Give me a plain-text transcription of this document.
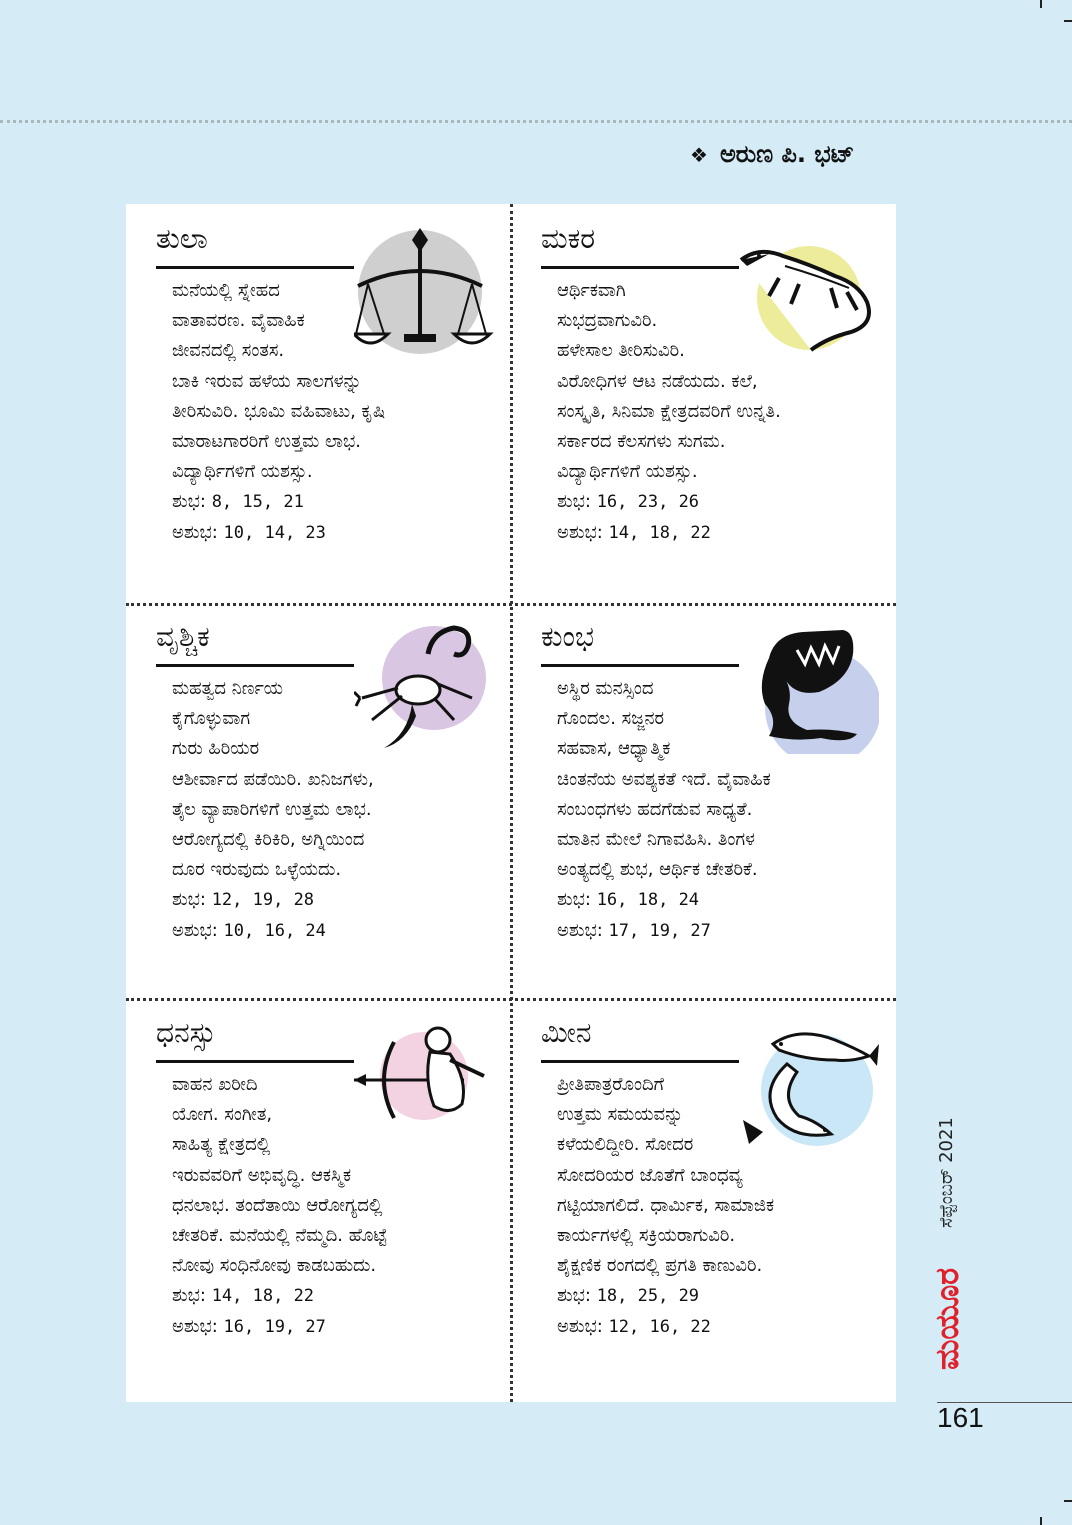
❖ ಅರುಣ ಪಿ. ಭಟ್
ತುಲಾ

ಮನೆಯಲ್ಲಿ ಸ್ನೇಹದ

ವಾತಾವರಣ. ವೈವಾಹಿಕ

ಜೀವನದಲ್ಲಿ ಸಂತಸ.

ಬಾಕಿ ಇರುವ ಹಳೆಯ ಸಾಲಗಳನ್ನು

ತೀರಿಸುವಿರಿ. ಭೂಮಿ ವಹಿವಾಟು, ಕೃಷಿ

ಮಾರಾಟಗಾರರಿಗೆ ಉತ್ತಮ ಲಾಭ.

ವಿದ್ಯಾರ್ಥಿಗಳಿಗೆ ಯಶಸ್ಸು.

ಶುಭ: 8, 15, 21

ಅಶುಭ: 10, 14, 23

ಮಕರ

ಆರ್ಥಿಕವಾಗಿ

ಸುಭದ್ರವಾಗುವಿರಿ.

ಹಳೇಸಾಲ ತೀರಿಸುವಿರಿ.

ವಿರೋಧಿಗಳ ಆಟ ನಡೆಯದು. ಕಲೆ,

ಸಂಸ್ಕೃತಿ, ಸಿನಿಮಾ ಕ್ಷೇತ್ರದವರಿಗೆ ಉನ್ನತಿ.

ಸರ್ಕಾರದ ಕೆಲಸಗಳು ಸುಗಮ.

ವಿದ್ಯಾರ್ಥಿಗಳಿಗೆ ಯಶಸ್ಸು.

ಶುಭ: 16, 23, 26

ಅಶುಭ: 14, 18, 22

ವೃಶ್ಚಿಕ

ಮಹತ್ವದ ನಿರ್ಣಯ

ಕೈಗೊಳ್ಳುವಾಗ

ಗುರು ಹಿರಿಯರ

ಆಶೀರ್ವಾದ ಪಡೆಯಿರಿ. ಖನಿಜಗಳು,

ತೈಲ ವ್ಯಾಪಾರಿಗಳಿಗೆ ಉತ್ತಮ ಲಾಭ.

ಆರೋಗ್ಯದಲ್ಲಿ ಕಿರಿಕಿರಿ, ಅಗ್ನಿಯಿಂದ

ದೂರ ಇರುವುದು ಒಳ್ಳೆಯದು.

ಶುಭ: 12, 19, 28

ಅಶುಭ: 10, 16, 24

ಕುಂಭ

ಅಸ್ಥಿರ ಮನಸ್ಸಿಂದ

ಗೊಂದಲ. ಸಜ್ಜನರ

ಸಹವಾಸ, ಆಧ್ಯಾತ್ಮಿಕ

ಚಿಂತನೆಯ ಅವಶ್ಯಕತೆ ಇದೆ. ವೈವಾಹಿಕ

ಸಂಬಂಧಗಳು ಹದಗೆಡುವ ಸಾಧ್ಯತೆ.

ಮಾತಿನ ಮೇಲೆ ನಿಗಾವಹಿಸಿ. ತಿಂಗಳ

ಅಂತ್ಯದಲ್ಲಿ ಶುಭ, ಆರ್ಥಿಕ ಚೇತರಿಕೆ.

ಶುಭ: 16, 18, 24

ಅಶುಭ: 17, 19, 27

ಧನಸ್ಸು

ವಾಹನ ಖರೀದಿ

ಯೋಗ. ಸಂಗೀತ,

ಸಾಹಿತ್ಯ ಕ್ಷೇತ್ರದಲ್ಲಿ

ಇರುವವರಿಗೆ ಅಭಿವೃದ್ಧಿ. ಆಕಸ್ಮಿಕ

ಧನಲಾಭ. ತಂದೆತಾಯಿ ಆರೋಗ್ಯದಲ್ಲಿ

ಚೇತರಿಕೆ. ಮನೆಯಲ್ಲಿ ನೆಮ್ಮದಿ. ಹೊಟ್ಟೆ

ನೋವು ಸಂಧಿನೋವು ಕಾಡಬಹುದು.

ಶುಭ: 14, 18, 22

ಅಶುಭ: 16, 19, 27

ಮೀನ

ಪ್ರೀತಿಪಾತ್ರರೊಂದಿಗೆ

ಉತ್ತಮ ಸಮಯವನ್ನು

ಕಳೆಯಲಿದ್ದೀರಿ. ಸೋದರ

ಸೋದರಿಯರ ಜೊತೆಗೆ ಬಾಂಧವ್ಯ

ಗಟ್ಟಿಯಾಗಲಿದೆ. ಧಾರ್ಮಿಕ, ಸಾಮಾಜಿಕ

ಕಾರ್ಯಗಳಲ್ಲಿ ಸಕ್ರಿಯರಾಗುವಿರಿ.

ಶೈಕ್ಷಣಿಕ ರಂಗದಲ್ಲಿ ಪ್ರಗತಿ ಕಾಣುವಿರಿ.

ಶುಭ: 18, 25, 29

ಅಶುಭ: 12, 16, 22

ಸೆಪ್ಟೆಂಬರ್ 2021
ಮಯೂರ
161
